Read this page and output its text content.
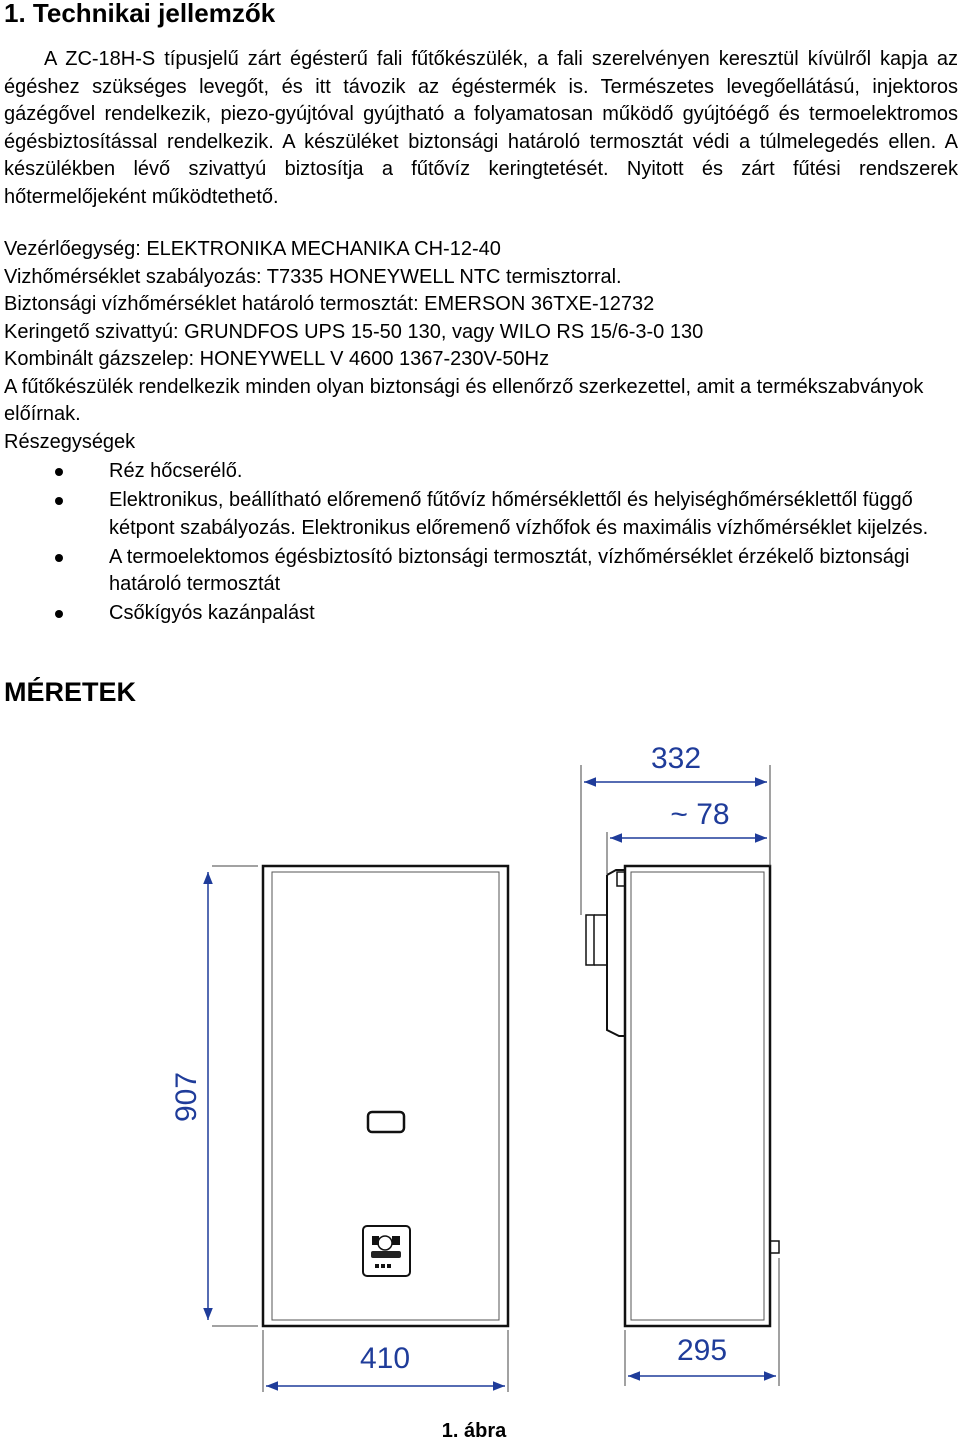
1. Technikai jellemzők

A ZC-18H-S típusjelű zárt égésterű fali fűtőkészülék, a fali szerelvényen keresztül kívülről kapja az égéshez szükséges levegőt, és itt távozik az égéstermék is. Természetes levegőellátású, injektoros gázégővel rendelkezik, piezo-gyújtóval gyújtható a folyamatosan működő gyújtóégő és termoelektromos égésbiztosítással rendelkezik. A készüléket biztonsági határoló termosztát védi a túlmelegedés ellen. A készülékben lévő szivattyú biztosítja a fűtővíz keringtetését. Nyitott és zárt fűtési rendszerek hőtermelőjeként működtethető.

Vezérlőegység: ELEKTRONIKA MECHANIKA CH-12-40
Vizhőmérséklet szabályozás: T7335 HONEYWELL NTC termisztorral.
Biztonsági vízhőmérséklet határoló termosztát: EMERSON 36TXE-12732
Keringető szivattyú: GRUNDFOS UPS 15-50 130, vagy WILO RS 15/6-3-0 130
Kombinált gázszelep: HONEYWELL V 4600 1367-230V-50Hz
A fűtőkészülék rendelkezik minden olyan biztonsági és ellenőrző szerkezettel, amit a termékszabványok előírnak.
Részegységek
Réz hőcserélő.
Elektronikus, beállítható előremenő fűtővíz hőmérséklettől és helyiséghőmérséklettől függő kétpont szabályozás. Elektronikus előremenő vízhőfok és maximális vízhőmérséklet kijelzés.
A termoelektomos égésbiztosító biztonsági termosztát, vízhőmérséklet érzékelő biztonsági határoló termosztát
Csőkígyós kazánpalást
MÉRETEK
907
410
332
~ 78
295
1. ábra
